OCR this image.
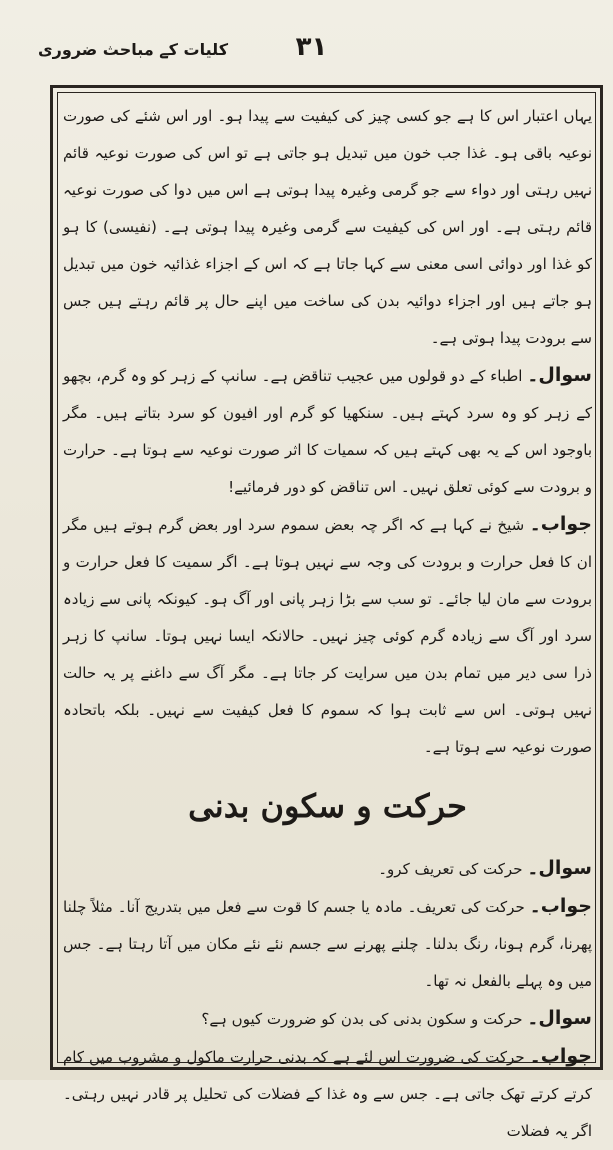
٣١
کلیات کے مباحث ضروری

یہاں اعتبار اس کا ہے جو کسی چیز کی کیفیت سے پیدا ہو۔ اور اس شئے کی صورت نوعیہ باقی ہو۔ غذا جب خون میں تبدیل ہو جاتی ہے تو اس کی صورت نوعیہ قائم نہیں رہتی اور دواء سے جو گرمی وغیرہ پیدا ہوتی ہے اس میں دوا کی صورت نوعیہ قائم رہتی ہے۔ اور اس کی کیفیت سے گرمی وغیرہ پیدا ہوتی ہے۔ (نفیسی) کا ہو کو غذا اور دوائی اسی معنی سے کہا جاتا ہے کہ اس کے اجزاء غذائیہ خون میں تبدیل ہو جاتے ہیں اور اجزاء دوائیہ بدن کی ساخت میں اپنے حال پر قائم رہتے ہیں جس سے برودت پیدا ہوتی ہے۔

سوال۔ اطباء کے دو قولوں میں عجیب تناقض ہے۔ سانپ کے زہر کو وہ گرم، بچھو کے زہر کو وہ سرد کہتے ہیں۔ سنکھیا کو گرم اور افیون کو سرد بتاتے ہیں۔ مگر باوجود اس کے یہ بھی کہتے ہیں کہ سمیات کا اثر صورت نوعیہ سے ہوتا ہے۔ حرارت و برودت سے کوئی تعلق نہیں۔ اس تناقض کو دور فرمائیے!

جواب۔ شیخ نے کہا ہے کہ اگر چہ بعض سموم سرد اور بعض گرم ہوتے ہیں مگر ان کا فعل حرارت و برودت کی وجہ سے نہیں ہوتا ہے۔ اگر سمیت کا فعل حرارت و برودت سے مان لیا جائے۔ تو سب سے بڑا زہر پانی اور آگ ہو۔ کیونکہ پانی سے زیادہ سرد اور آگ سے زیادہ گرم کوئی چیز نہیں۔ حالانکہ ایسا نہیں ہوتا۔ سانپ کا زہر ذرا سی دیر میں تمام بدن میں سرایت کر جاتا ہے۔ مگر آگ سے داغنے پر یہ حالت نہیں ہوتی۔ اس سے ثابت ہوا کہ سموم کا فعل کیفیت سے نہیں۔ بلکہ باتحادہ صورت نوعیہ سے ہوتا ہے۔

حرکت و سکون بدنی

سوال۔ حرکت کی تعریف کرو۔

جواب۔ حرکت کی تعریف۔ مادہ یا جسم کا قوت سے فعل میں بتدریج آنا۔ مثلاً چلنا پھرنا، گرم ہونا، رنگ بدلنا۔ چلنے پھرنے سے جسم نئے نئے مکان میں آتا رہتا ہے۔ جس میں وہ پہلے بالفعل نہ تھا۔

سوال۔ حرکت و سکون بدنی کی بدن کو ضرورت کیوں ہے؟

جواب۔ حرکت کی ضرورت اس لئے ہے کہ بدنی حرارت ماکول و مشروب میں کام کرتے کرتے تھک جاتی ہے۔ جس سے وہ غذا کے فضلات کی تحلیل پر قادر نہیں رہتی۔ اگر یہ فضلات
